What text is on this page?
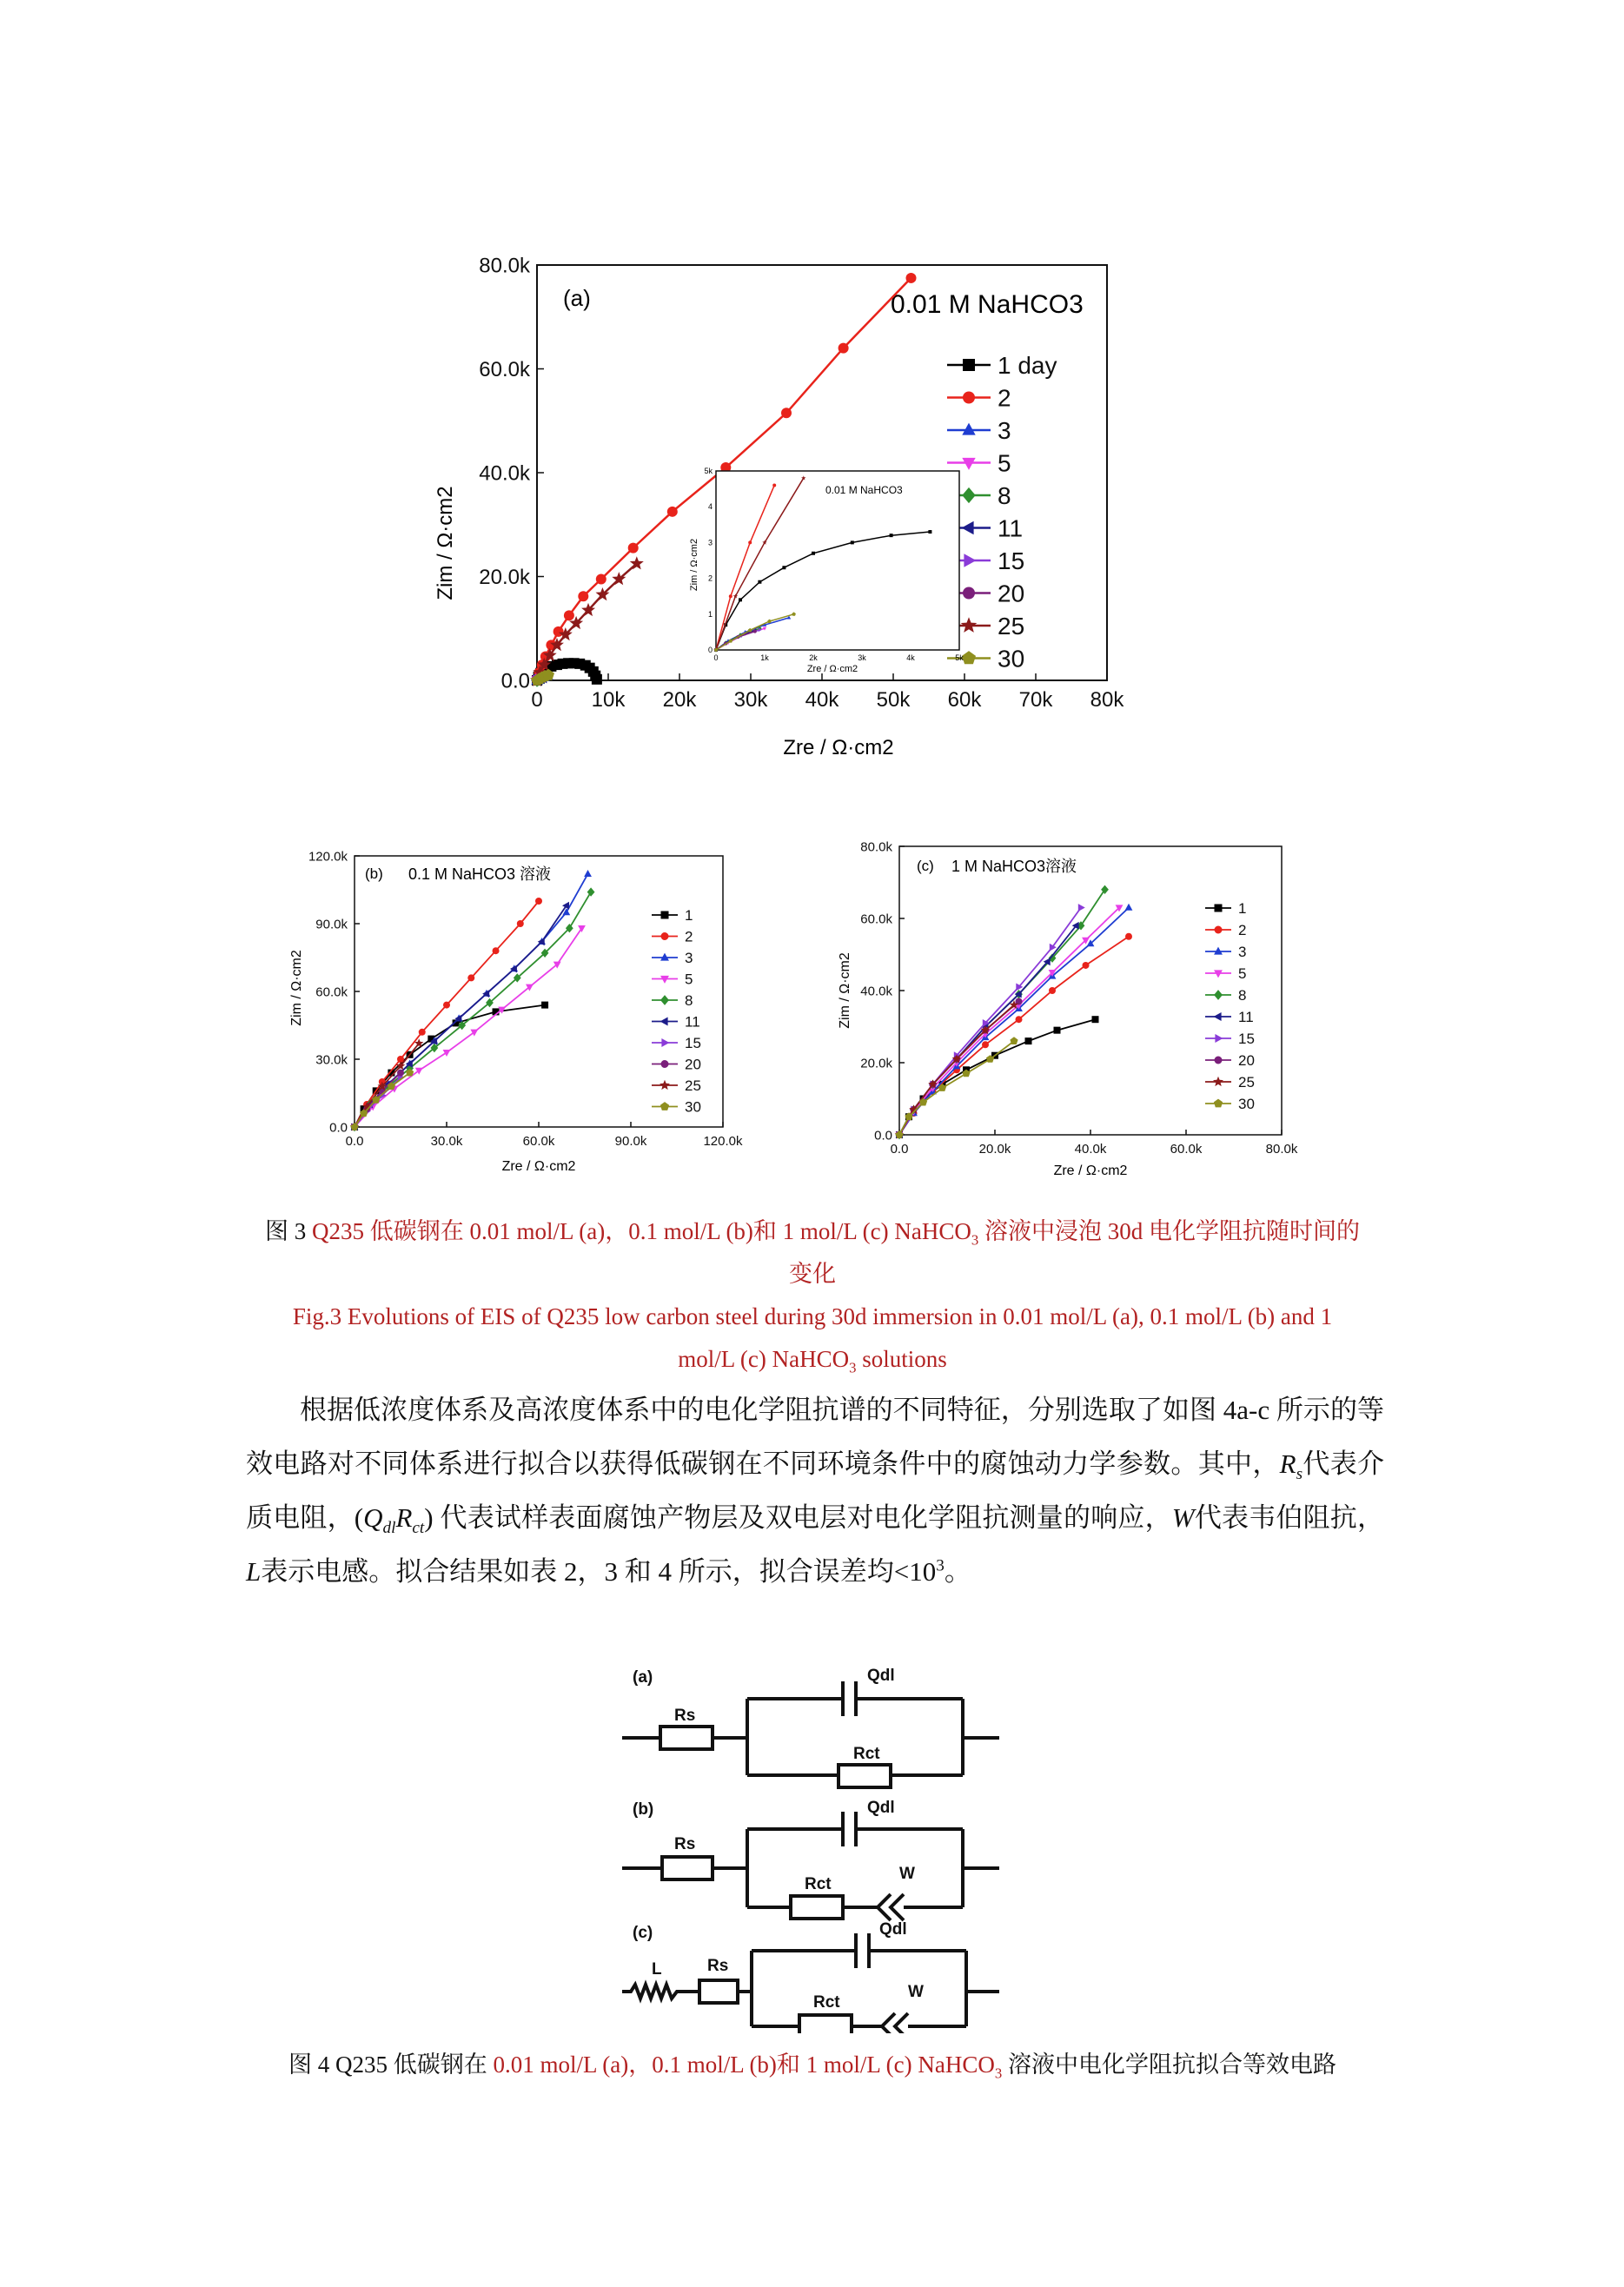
0 10k 20k 30k 40k 50k 60k 70k 80k
0.0
20.0k
40.0k
60.0k
80.0k
(a)	0.01 M NaHCO3
1 day
2
3
5
8
11
15
20
25
30
Zim / Ω·cm2
Zre / Ω·cm2
0.01 M NaHCO3
Zre / Ω·cm2
Zim / Ω·cm2
0	1k	2k	3k	4k	5k
0
1
2
3
4
5k
0.0	30.0k	60.0k	90.0k	120.0k
0.0
30.0k
60.0k
90.0k
120.0k
(b) 0.1 M NaHCO3 溶液
1
2
3
5
8
11
15
20
25
30
Zim / Ω·cm2
Zre / Ω·cm2
0.0	20.0k	40.0k	60.0k	80.0k
0.0
20.0k
40.0k
60.0k
80.0k
(c) 1 M NaHCO3溶液
1
2
3
5
8
11
15
20
25
30
Zim / Ω·cm2
Zre / Ω·cm2
图 3 Q235 低碳钢在 0.01 mol/L (a)，0.1 mol/L (b)和 1 mol/L (c) NaHCO$_3$ 溶液中浸泡 30d 电化学阻抗随时间的
变化
Fig.3 Evolutions of EIS of Q235 low carbon steel during 30d immersion in 0.01 mol/L (a), 0.1 mol/L (b) and 1
mol/L (c) NaHCO$_3$ solutions

根据低浓度体系及高浓度体系中的电化学阻抗谱的不同特征，分别选取了如图 4a-c 所示的等效电路对不同体系进行拟合以获得低碳钢在不同环境条件中的腐蚀动力学参数。其中，$R_s$代表介质电阻，$(Q_{dl}R_{ct})$ 代表试样表面腐蚀产物层及双电层对电化学阻抗测量的响应，W代表韦伯阻抗，L表示电感。拟合结果如表 2，3 和 4 所示，拟合误差均$<10^3$。

(a)
Rs
Qdl
Rct
(b)
Rs
Qdl
Rct
W
(c)
L	Rs
Qdl
Rct
W
图 4 Q235 低碳钢在 0.01 mol/L (a)，0.1 mol/L (b)和 1 mol/L (c) NaHCO$_3$ 溶液中电化学阻抗拟合等效电路
